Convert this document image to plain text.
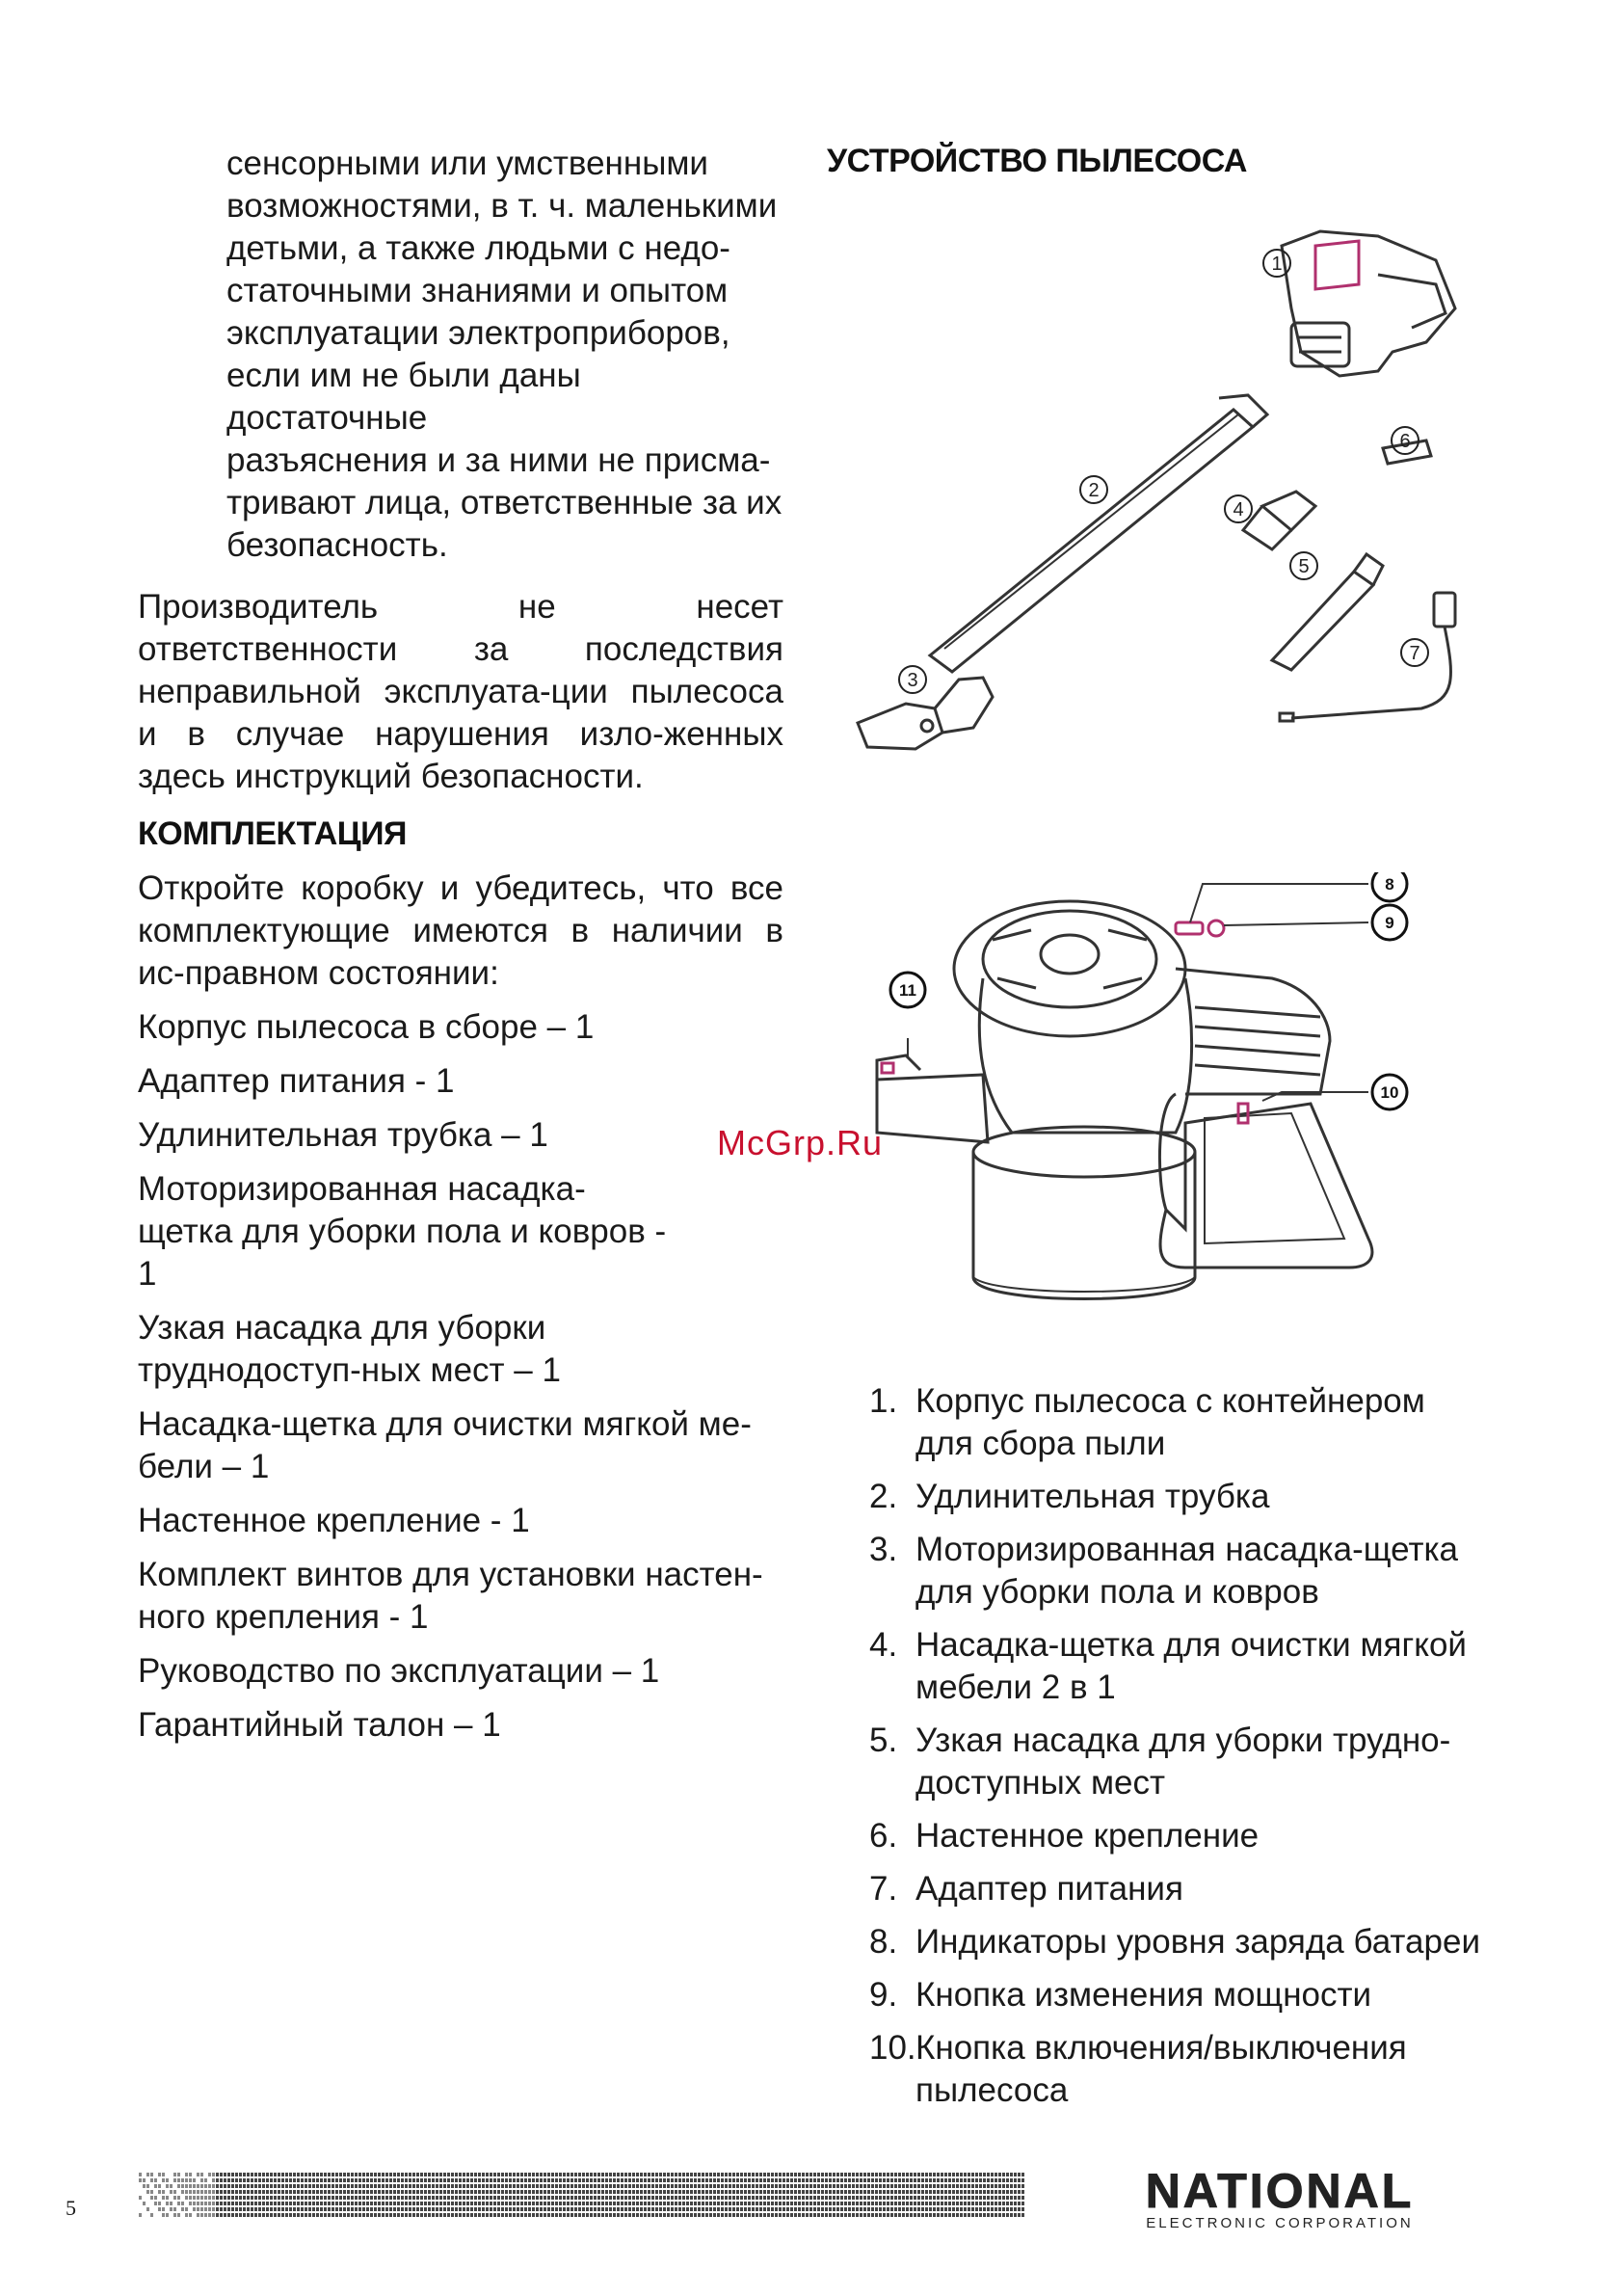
сенсорными или умственными
возможностями, в т. ч. маленькими
детьми, а также людьми с недо-
статочными знаниями и опытом
эксплуатации электроприборов,
если им не были даны достаточные
разъяснения и за ними не присма-
тривают лица, ответственные за их
безопасность.
Производитель не несет ответственности за последствия неправильной эксплуата-ции пылесоса и в случае нарушения изло-женных здесь инструкций безопасности.
КОМПЛЕКТАЦИЯ
Откройте коробку и убедитесь, что все комплектующие имеются в наличии в ис-правном состоянии:
Корпус пылесоса в сборе – 1
Адаптер питания - 1
Удлинительная трубка – 1
Моторизированная насадка-щетка для уборки пола и ковров - 1
Узкая насадка для уборки труднодоступ-ных мест – 1
Насадка-щетка для очистки мягкой ме-бели – 1
Настенное крепление - 1
Комплект винтов для установки настен-ного крепления - 1
Руководство по эксплуатации – 1
Гарантийный талон – 1
УСТРОЙСТВО ПЫЛЕСОСА
1
2
3
4
5
6
7
8
9
10
11
McGrp.Ru
1. Корпус пылесоса с контейнером для сбора пыли
2. Удлинительная трубка
3. Моторизированная насадка-щетка для уборки пола и ковров
4. Насадка-щетка для очистки мягкой мебели 2 в 1
5. Узкая насадка для уборки трудно-доступных мест
6. Настенное крепление
7. Адаптер питания
8. Индикаторы уровня заряда батареи
9. Кнопка изменения мощности
10. Кнопка включения/выключения пылесоса
5	NATIONAL
ELECTRONIC CORPORATION
